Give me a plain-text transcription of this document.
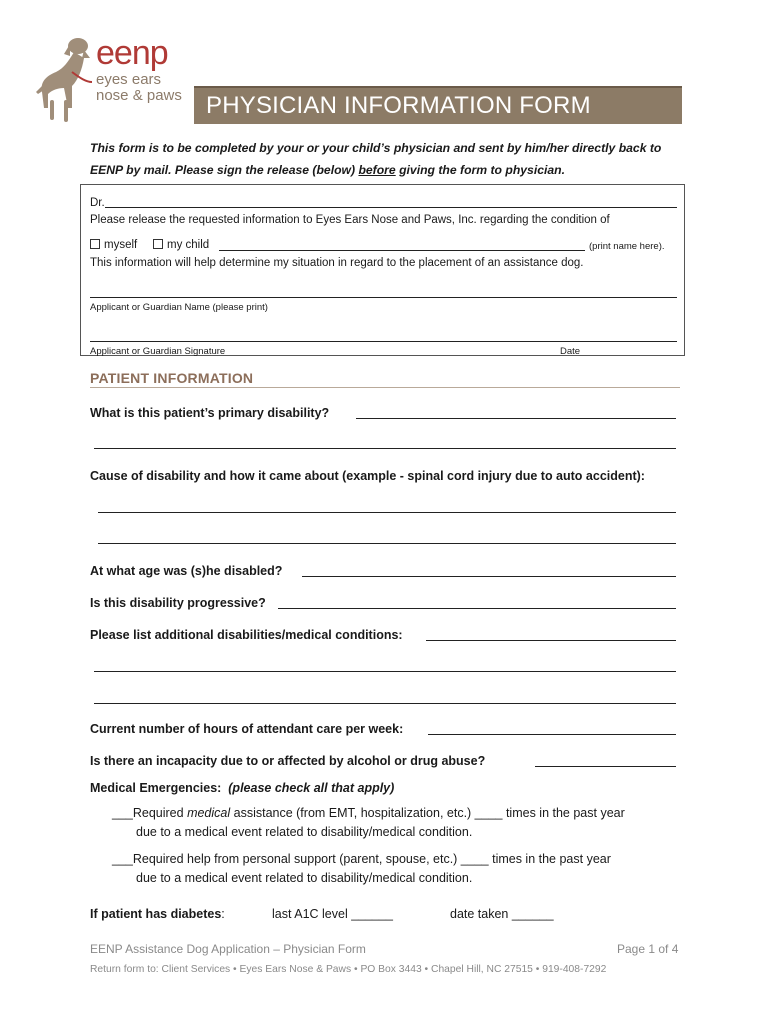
eenp
eyes ears
nose & paws PHYSICIAN INFORMATION FORM
This form is to be completed by your or your child’s physician and sent by him/her directly back to
EENP by mail. Please sign the release (below) before giving the form to physician.
Dr.
Please release the requested information to Eyes Ears Nose and Paws, Inc. regarding the condition of
myself	my child	(print name here).
This information will help determine my situation in regard to the placement of an assistance dog.
Applicant or Guardian Name (please print)
Applicant or Guardian Signature	Date
PATIENT INFORMATION
What is this patient’s primary disability?
Cause of disability and how it came about (example - spinal cord injury due to auto accident):
At what age was (s)he disabled?
Is this disability progressive?
Please list additional disabilities/medical conditions:
Current number of hours of attendant care per week:
Is there an incapacity due to or affected by alcohol or drug abuse?
Medical Emergencies: (please check all that apply)
___Required medical assistance (from EMT, hospitalization, etc.) ____ times in the past year
due to a medical event related to disability/medical condition.
___Required help from personal support (parent, spouse, etc.) ____ times in the past year
due to a medical event related to disability/medical condition.
If patient has diabetes:	last A1C level ______	date taken ______
EENP Assistance Dog Application – Physician Form	Page 1 of 4
Return form to: Client Services • Eyes Ears Nose & Paws • PO Box 3443 • Chapel Hill, NC 27515 • 919-408-7292
